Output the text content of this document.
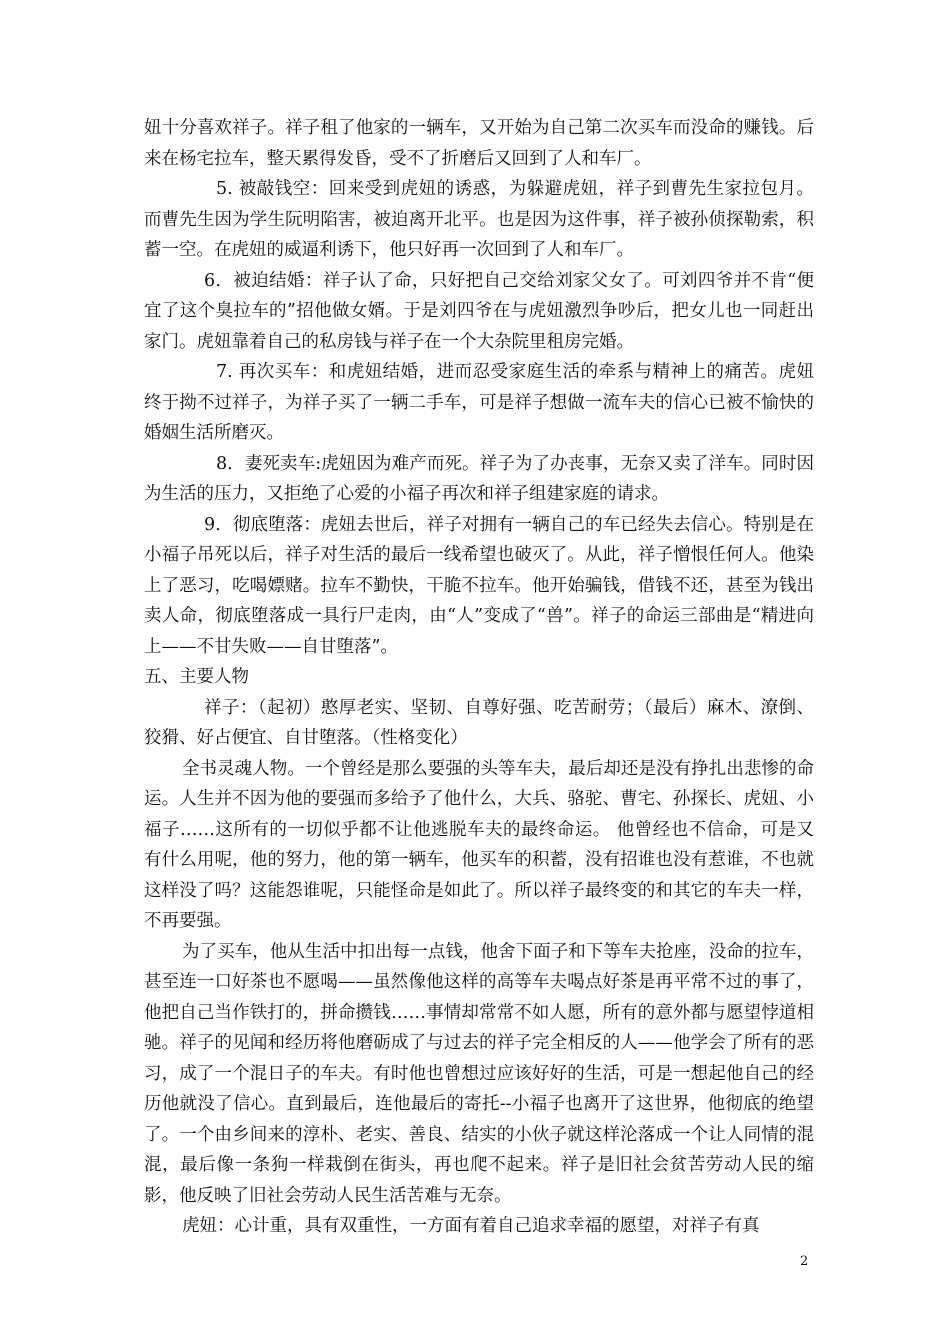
妞十分喜欢祥子。祥子租了他家的一辆车，又开始为自己第二次买车而没命的赚钱。后来在杨宅拉车，整天累得发昏，受不了折磨后又回到了人和车厂。

5. 被敲钱空：回来受到虎妞的诱惑，为躲避虎妞，祥子到曹先生家拉包月。而曹先生因为学生阮明陷害，被迫离开北平。也是因为这件事，祥子被孙侦探勒索，积蓄一空。在虎妞的威逼利诱下，他只好再一次回到了人和车厂。

6．被迫结婚：祥子认了命，只好把自己交给刘家父女了。可刘四爷并不肯“便宜了这个臭拉车的”招他做女婿。于是刘四爷在与虎妞激烈争吵后，把女儿也一同赶出家门。虎妞靠着自己的私房钱与祥子在一个大杂院里租房完婚。

7. 再次买车：和虎妞结婚，进而忍受家庭生活的牵系与精神上的痛苦。虎妞终于拗不过祥子，为祥子买了一辆二手车，可是祥子想做一流车夫的信心已被不愉快的婚姻生活所磨灭。

8．妻死卖车:虎妞因为难产而死。祥子为了办丧事，无奈又卖了洋车。同时因为生活的压力，又拒绝了心爱的小福子再次和祥子组建家庭的请求。

9．彻底堕落：虎妞去世后，祥子对拥有一辆自己的车已经失去信心。特别是在小福子吊死以后，祥子对生活的最后一线希望也破灭了。从此，祥子憎恨任何人。他染上了恶习，吃喝嫖赌。拉车不勤快，干脆不拉车。他开始骗钱，借钱不还，甚至为钱出卖人命，彻底堕落成一具行尸走肉，由“人”变成了“兽”。祥子的命运三部曲是“精进向上——不甘失败——自甘堕落”。

五、主要人物

祥子：（起初）憨厚老实、坚韧、自尊好强、吃苦耐劳；（最后）麻木、潦倒、狡猾、好占便宜、自甘堕落。（性格变化）

全书灵魂人物。一个曾经是那么要强的头等车夫，最后却还是没有挣扎出悲惨的命运。人生并不因为他的要强而多给予了他什么，大兵、骆驼、曹宅、孙探长、虎妞、小福子……这所有的一切似乎都不让他逃脱车夫的最终命运。 他曾经也不信命，可是又有什么用呢，他的努力，他的第一辆车，他买车的积蓄，没有招谁也没有惹谁，不也就这样没了吗？这能怨谁呢，只能怪命是如此了。所以祥子最终变的和其它的车夫一样，不再要强。

为了买车，他从生活中扣出每一点钱，他舍下面子和下等车夫抢座，没命的拉车，甚至连一口好茶也不愿喝——虽然像他这样的高等车夫喝点好茶是再平常不过的事了，他把自己当作铁打的，拼命攒钱……事情却常常不如人愿，所有的意外都与愿望悖道相驰。祥子的见闻和经历将他磨砺成了与过去的祥子完全相反的人——他学会了所有的恶习，成了一个混日子的车夫。有时他也曾想过应该好好的生活，可是一想起他自己的经历他就没了信心。直到最后，连他最后的寄托--小福子也离开了这世界，他彻底的绝望了。一个由乡间来的淳朴、老实、善良、结实的小伙子就这样沦落成一个让人同情的混混，最后像一条狗一样栽倒在街头，再也爬不起来。祥子是旧社会贫苦劳动人民的缩影，他反映了旧社会劳动人民生活苦难与无奈。

虎妞：心计重，具有双重性，一方面有着自己追求幸福的愿望，对祥子有真

2
